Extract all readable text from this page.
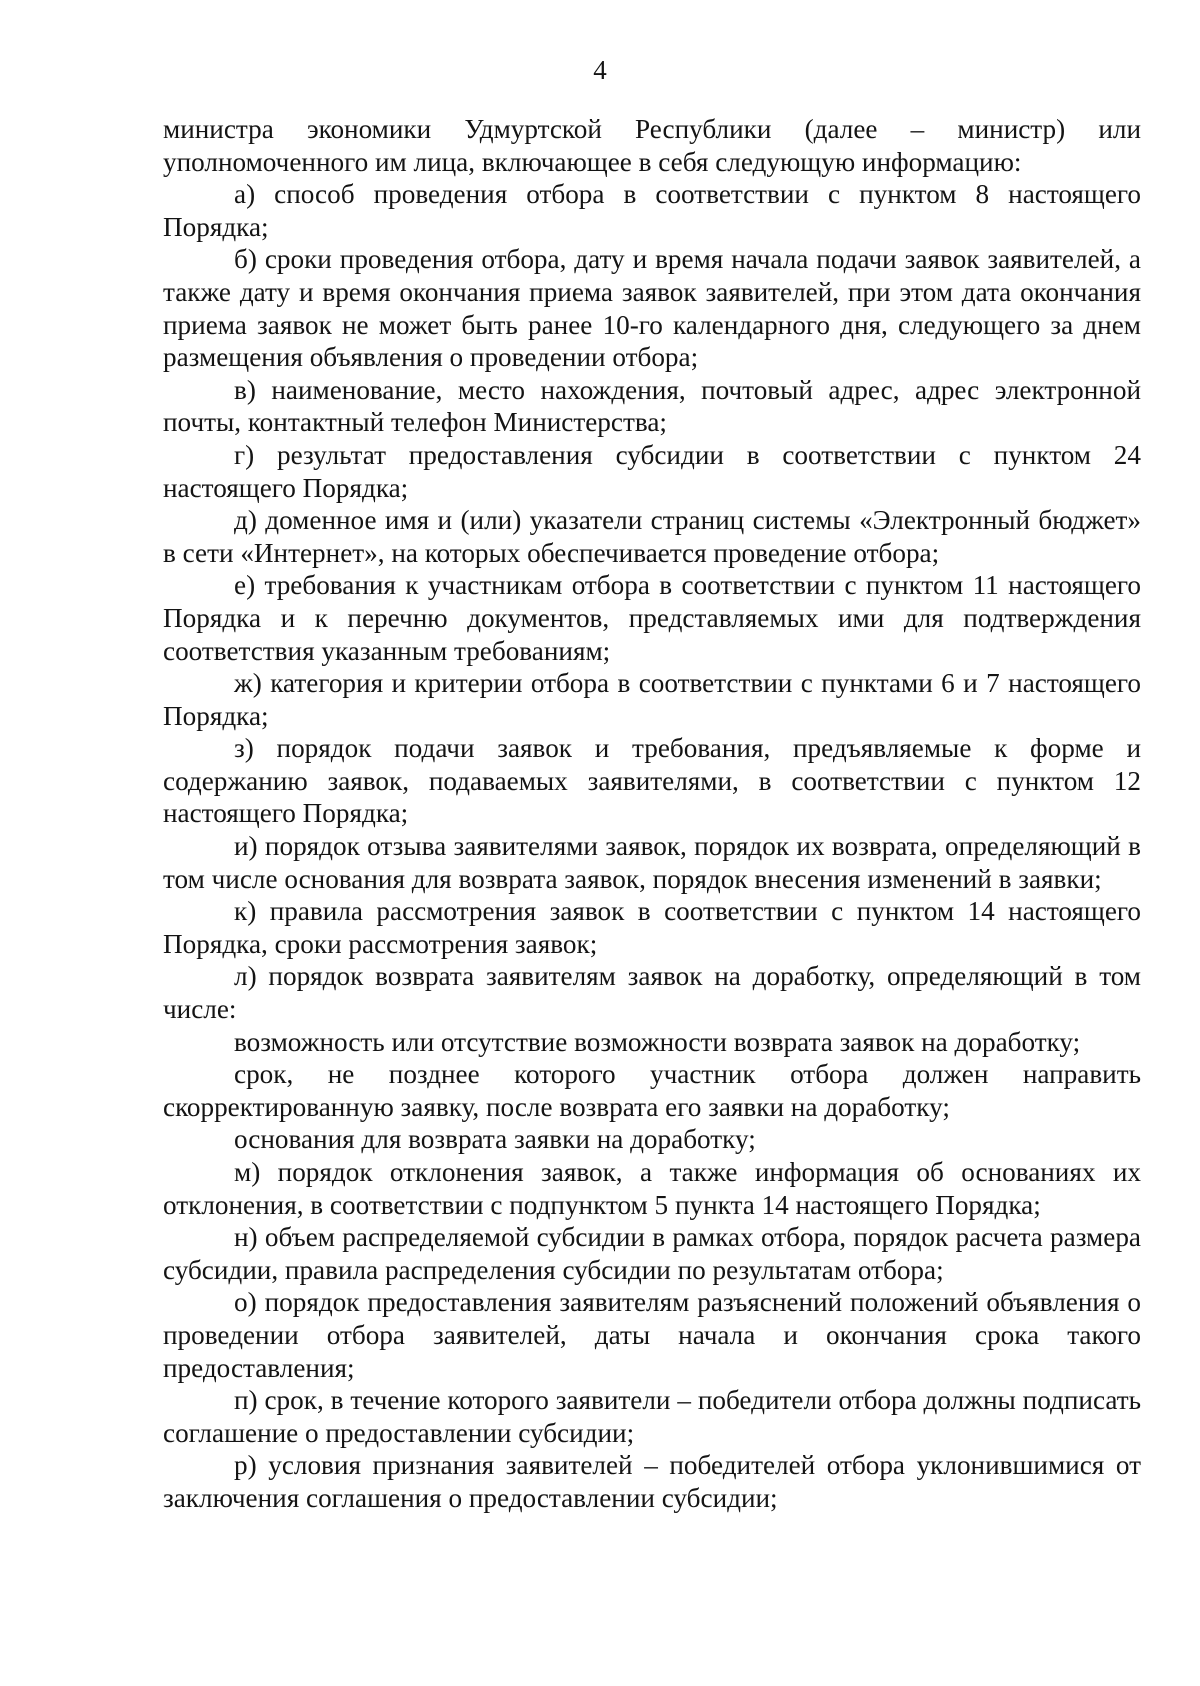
4

министра экономики Удмуртской Республики (далее – министр) или уполномоченного им лица, включающее в себя следующую информацию:

а) способ проведения отбора в соответствии с пунктом 8 настоящего Порядка;

б) сроки проведения отбора, дату и время начала подачи заявок заявителей, а также дату и время окончания приема заявок заявителей, при этом дата окончания приема заявок не может быть ранее 10-го календарного дня, следующего за днем размещения объявления о проведении отбора;

в) наименование, место нахождения, почтовый адрес, адрес электронной почты, контактный телефон Министерства;

г) результат предоставления субсидии в соответствии с пунктом 24 настоящего Порядка;

д) доменное имя и (или) указатели страниц системы «Электронный бюджет» в сети «Интернет», на которых обеспечивается проведение отбора;

е) требования к участникам отбора в соответствии с пунктом 11 настоящего Порядка и к перечню документов, представляемых ими для подтверждения соответствия указанным требованиям;

ж) категория и критерии отбора в соответствии с пунктами 6 и 7 настоящего Порядка;

з) порядок подачи заявок и требования, предъявляемые к форме и содержанию заявок, подаваемых заявителями, в соответствии с пунктом 12 настоящего Порядка;

и) порядок отзыва заявителями заявок, порядок их возврата, определяющий в том числе основания для возврата заявок, порядок внесения изменений в заявки;

к) правила рассмотрения заявок в соответствии с пунктом 14 настоящего Порядка, сроки рассмотрения заявок;

л) порядок возврата заявителям заявок на доработку, определяющий в том числе:

возможность или отсутствие возможности возврата заявок на доработку;

срок, не позднее которого участник отбора должен направить скорректированную заявку, после возврата его заявки на доработку;

основания для возврата заявки на доработку;

м) порядок отклонения заявок, а также информация об основаниях их отклонения, в соответствии с подпунктом 5 пункта 14 настоящего Порядка;

н) объем распределяемой субсидии в рамках отбора, порядок расчета размера субсидии, правила распределения субсидии по результатам отбора;

о) порядок предоставления заявителям разъяснений положений объявления о проведении отбора заявителей, даты начала и окончания срока такого предоставления;

п) срок, в течение которого заявители – победители отбора должны подписать соглашение о предоставлении субсидии;

р) условия признания заявителей – победителей отбора уклонившимися от заключения соглашения о предоставлении субсидии;
